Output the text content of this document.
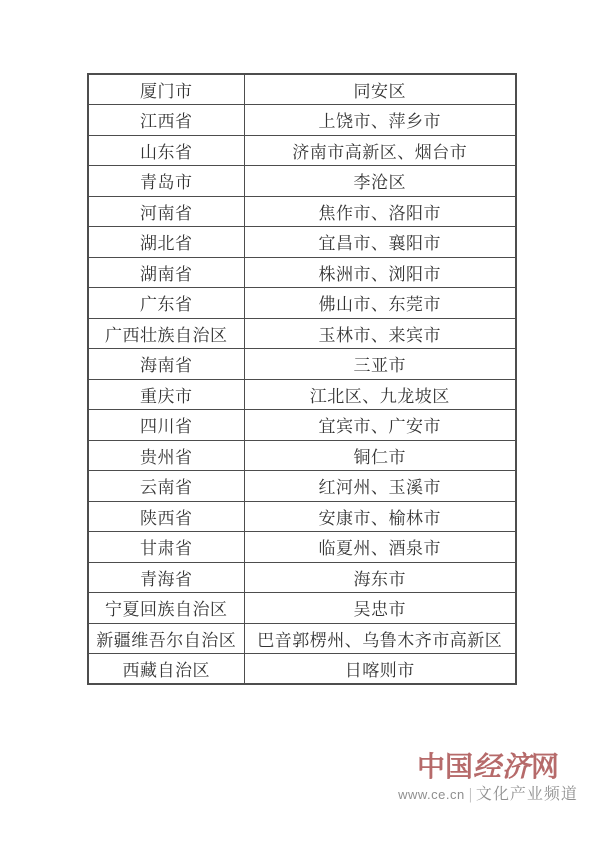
厦门市	同安区
江西省	上饶市、萍乡市
山东省	济南市高新区、烟台市
青岛市	李沧区
河南省	焦作市、洛阳市
湖北省	宜昌市、襄阳市
湖南省	株洲市、浏阳市
广东省	佛山市、东莞市
广西壮族自治区	玉林市、来宾市
海南省	三亚市
重庆市	江北区、九龙坡区
四川省	宜宾市、广安市
贵州省	铜仁市
云南省	红河州、玉溪市
陕西省	安康市、榆林市
甘肃省	临夏州、酒泉市
青海省	海东市
宁夏回族自治区	吴忠市
新疆维吾尔自治区	巴音郭楞州、乌鲁木齐市高新区
西藏自治区	日喀则市
中国经济网
www.ce.cn | 文化产业频道
